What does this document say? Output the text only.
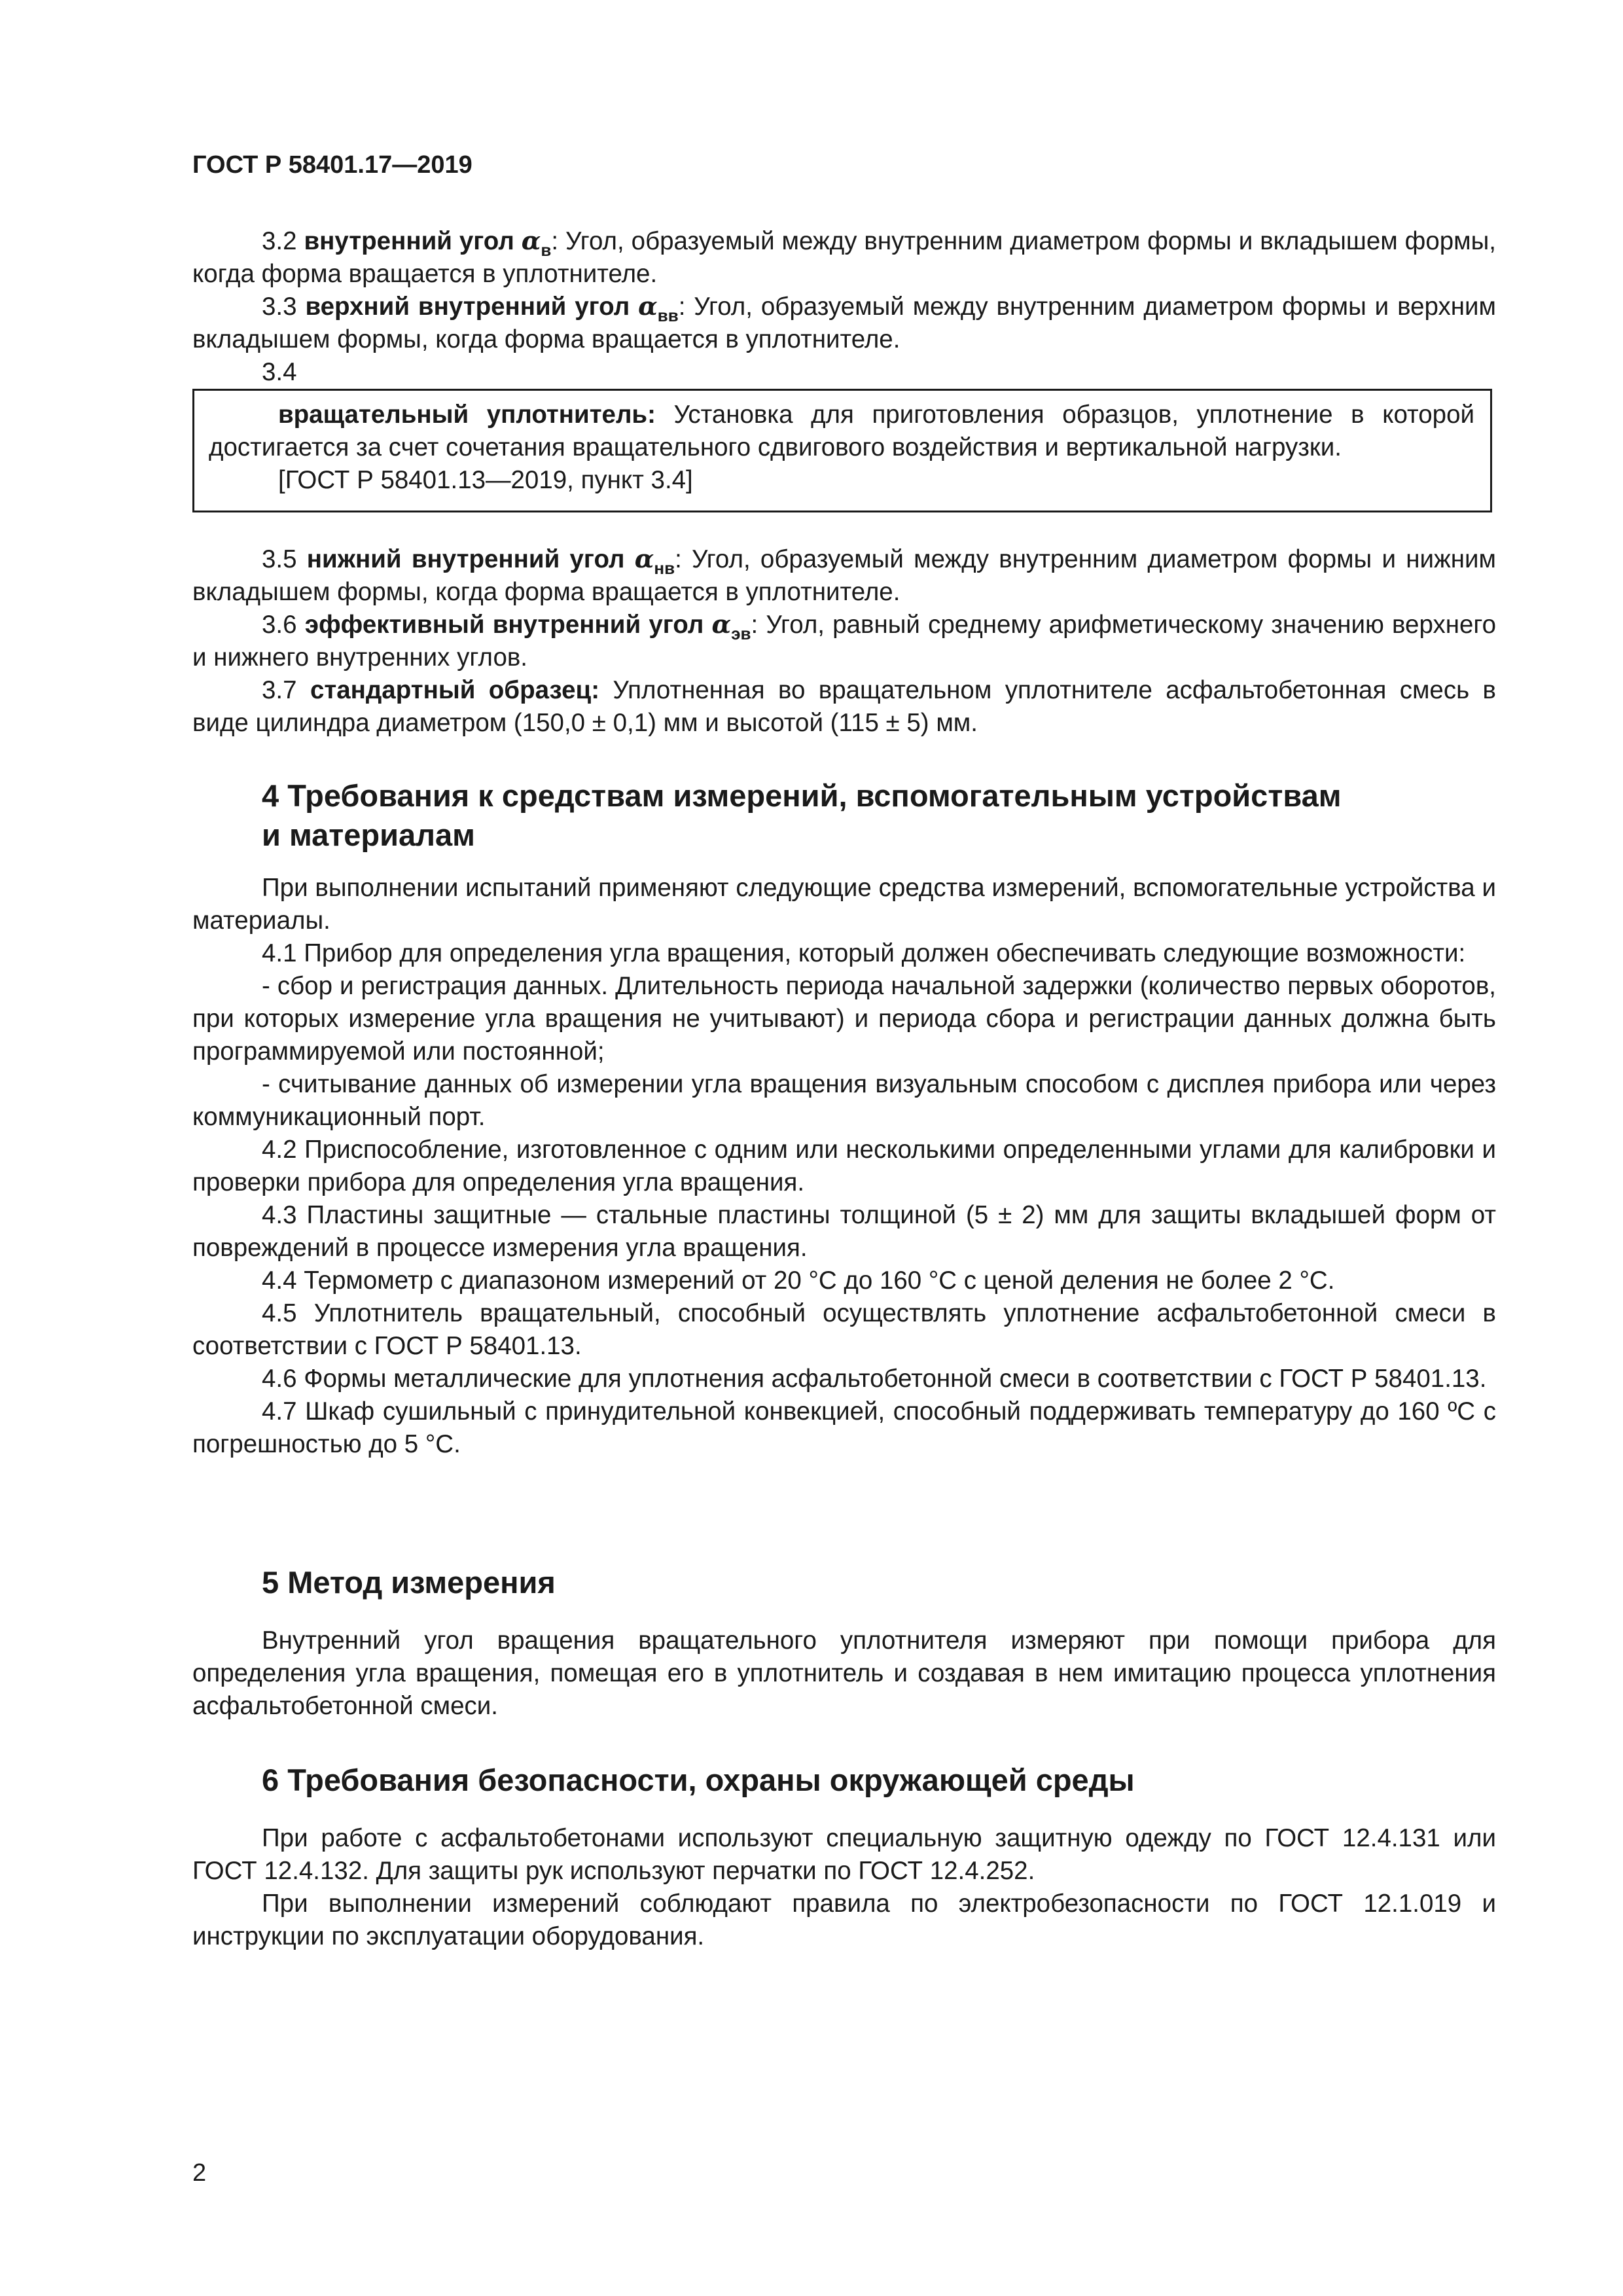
ГОСТ Р 58401.17—2019

3.2 внутренний угол $\alpha_в$: Угол, образуемый между внутренним диаметром формы и вкладышем формы, когда форма вращается в уплотнителе.

3.3 верхний внутренний угол $\alpha_{вв}$: Угол, образуемый между внутренним диаметром формы и верхним вкладышем формы, когда форма вращается в уплотнителе.

3.4

вращательный уплотнитель: Установка для приготовления образцов, уплотнение в которой достигается за счет сочетания вращательного сдвигового воздействия и вертикальной нагрузки.

[ГОСТ Р 58401.13—2019, пункт 3.4]

3.5 нижний внутренний угол $\alpha_{нв}$: Угол, образуемый между внутренним диаметром формы и нижним вкладышем формы, когда форма вращается в уплотнителе.

3.6 эффективный внутренний угол $\alpha_{эв}$: Угол, равный среднему арифметическому значению верхнего и нижнего внутренних углов.

3.7 стандартный образец: Уплотненная во вращательном уплотнителе асфальтобетонная смесь в виде цилиндра диаметром (150,0 ± 0,1) мм и высотой (115 ± 5) мм.

4 Требования к средствам измерений, вспомогательным устройствам
и материалам

При выполнении испытаний применяют следующие средства измерений, вспомогательные устройства и материалы.

4.1 Прибор для определения угла вращения, который должен обеспечивать следующие возможности:

- сбор и регистрация данных. Длительность периода начальной задержки (количество первых оборотов, при которых измерение угла вращения не учитывают) и периода сбора и регистрации данных должна быть программируемой или постоянной;

- считывание данных об измерении угла вращения визуальным способом с дисплея прибора или через коммуникационный порт.

4.2 Приспособление, изготовленное с одним или несколькими определенными углами для калибровки и проверки прибора для определения угла вращения.

4.3 Пластины защитные — стальные пластины толщиной (5 ± 2) мм для защиты вкладышей форм от повреждений в процессе измерения угла вращения.

4.4 Термометр с диапазоном измерений от 20 °С до 160 °С с ценой деления не более 2 °С.

4.5 Уплотнитель вращательный, способный осуществлять уплотнение асфальтобетонной смеси в соответствии с ГОСТ Р 58401.13.

4.6 Формы металлические для уплотнения асфальтобетонной смеси в соответствии с ГОСТ Р 58401.13.

4.7 Шкаф сушильный с принудительной конвекцией, способный поддерживать температуру до 160 ºС с погрешностью до 5 °С.

5 Метод измерения

Внутренний угол вращения вращательного уплотнителя измеряют при помощи прибора для определения угла вращения, помещая его в уплотнитель и создавая в нем имитацию процесса уплотнения асфальтобетонной смеси.

6 Требования безопасности, охраны окружающей среды

При работе с асфальтобетонами используют специальную защитную одежду по ГОСТ 12.4.131 или ГОСТ 12.4.132. Для защиты рук используют перчатки по ГОСТ 12.4.252.

При выполнении измерений соблюдают правила по электробезопасности по ГОСТ 12.1.019 и инструкции по эксплуатации оборудования.

2
